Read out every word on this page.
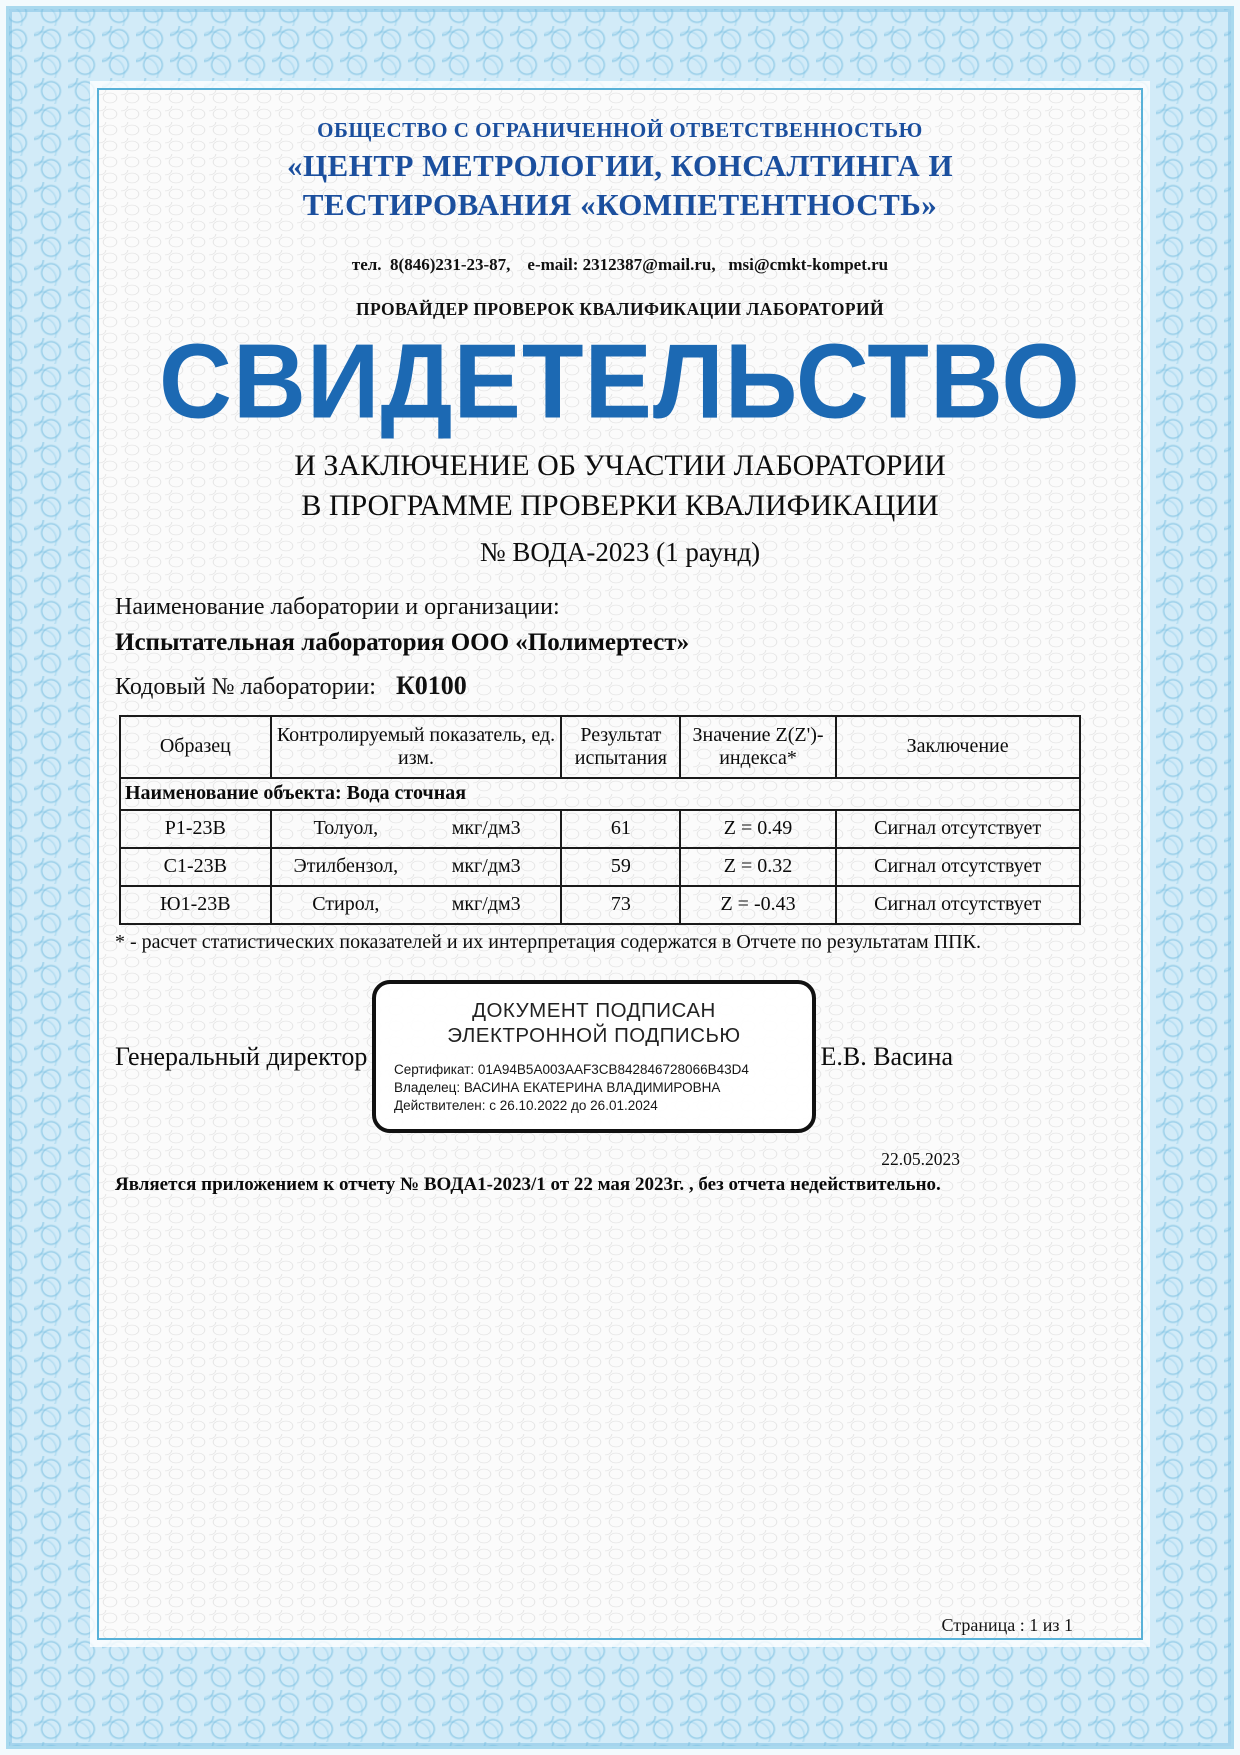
ОБЩЕСТВО С ОГРАНИЧЕННОЙ ОТВЕТСТВЕННОСТЬЮ
«ЦЕНТР МЕТРОЛОГИИ, КОНСАЛТИНГА И
ТЕСТИРОВАНИЯ «КОМПЕТЕНТНОСТЬ»
тел.  8(846)231-23-87,    e-mail: 2312387@mail.ru,   msi@cmkt-kompet.ru
ПРОВАЙДЕР ПРОВЕРОК КВАЛИФИКАЦИИ ЛАБОРАТОРИЙ
СВИДЕТЕЛЬСТВО
И ЗАКЛЮЧЕНИЕ ОБ УЧАСТИИ ЛАБОРАТОРИИ
В ПРОГРАММЕ ПРОВЕРКИ КВАЛИФИКАЦИИ
№ ВОДА-2023 (1 раунд)
Наименование лаборатории и организации:
Испытательная лаборатория ООО «Полимертест»
Кодовый № лаборатории: К0100
Образец	Контролируемый показатель, ед. изм.	Результат испытания	Значение Z(Z')-индекса*	Заключение
Наименование объекта: Вода сточная				
Р1-23В	Толуол, мкг/дм3	61	Z = 0.49	Сигнал отсутствует
С1-23В	Этилбензол, мкг/дм3	59	Z = 0.32	Сигнал отсутствует
Ю1-23В	Стирол, мкг/дм3	73	Z = -0.43	Сигнал отсутствует
* - расчет статистических показателей и их интерпретация содержатся в Отчете по результатам ППК.
Генеральный директор
ДОКУМЕНТ ПОДПИСАН
ЭЛЕКТРОННОЙ ПОДПИСЬЮ
Сертификат: 01A94B5A003AAF3CB842846728066B43D4
Владелец: ВАСИНА ЕКАТЕРИНА ВЛАДИМИРОВНА
Действителен: с 26.10.2022 до 26.01.2024
Е.В. Васина
22.05.2023
Является приложением к отчету № ВОДА1-2023/1 от 22 мая 2023г. , без отчета недействительно.
Страница : 1 из 1
